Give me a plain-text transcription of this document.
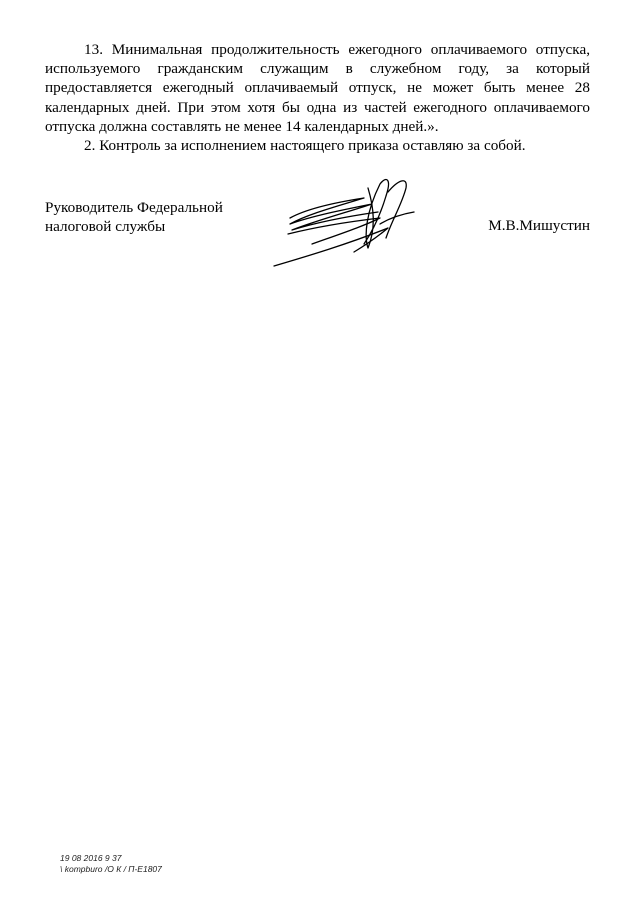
13. Минимальная продолжительность ежегодного оплачиваемого отпуска, используемого гражданским служащим в служебном году, за который предоставляется ежегодный оплачиваемый отпуск, не может быть менее 28 календарных дней. При этом хотя бы одна из частей ежегодного оплачиваемого отпуска должна составлять не менее 14 календарных дней.».

2. Контроль за исполнением настоящего приказа оставляю за собой.

Руководитель Федеральной
налоговой службы	М.В.Мишустин
19 08 2016 9 37
\ kompburo /О К / П-Е1807
